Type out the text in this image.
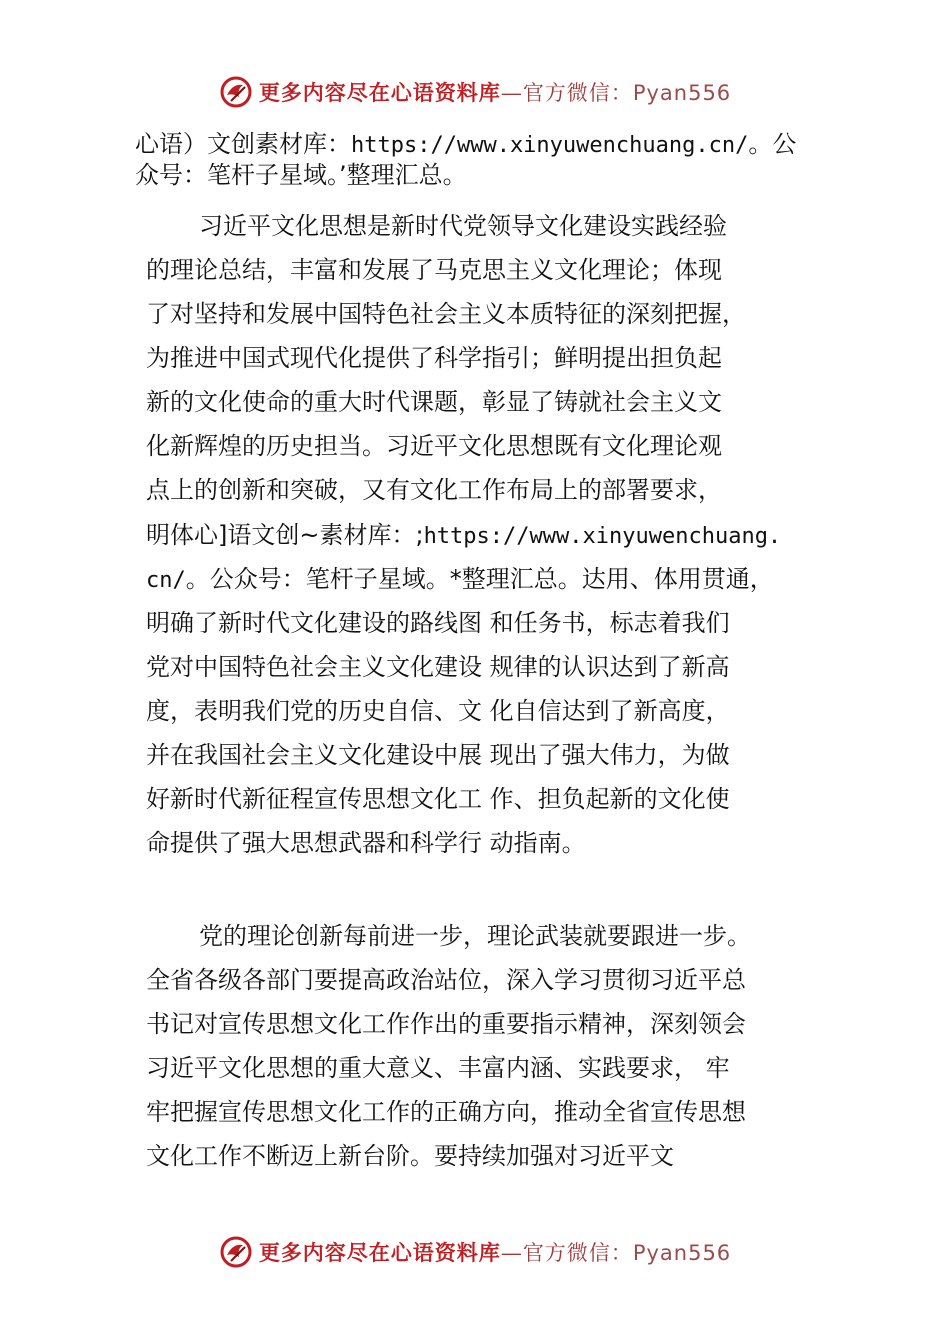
更多内容尽在心语资料库—官方微信：Pyan556
心语）文创素材库：https://www.xinyuwenchuang.cn/。公
众号：笔杆子星域。’整理汇总。
习近平文化思想是新时代党领导文化建设实践经验
的理论总结，丰富和发展了马克思主义文化理论；体现
了对坚持和发展中国特色社会主义本质特征的深刻把握，
为推进中国式现代化提供了科学指引；鲜明提出担负起
新的文化使命的重大时代课题，彰显了铸就社会主义文
化新辉煌的历史担当。习近平文化思想既有文化理论观
点上的创新和突破，又有文化工作布局上的部署要求，
明体心]语文创~素材库：;https://www.xinyuwenchuang.
cn/。公众号：笔杆子星域。*整理汇总。达用、体用贯通，
明确了新时代文化建设的路线图 和任务书，标志着我们
党对中国特色社会主义文化建设 规律的认识达到了新高
度，表明我们党的历史自信、文 化自信达到了新高度，
并在我国社会主义文化建设中展 现出了强大伟力，为做
好新时代新征程宣传思想文化工 作、担负起新的文化使
命提供了强大思想武器和科学行 动指南。
党的理论创新每前进一步，理论武装就要跟进一步。
全省各级各部门要提高政治站位，深入学习贯彻习近平总
书记对宣传思想文化工作作出的重要指示精神，深刻领会
习近平文化思想的重大意义、丰富内涵、实践要求， 牢
牢把握宣传思想文化工作的正确方向，推动全省宣传思想
文化工作不断迈上新台阶。要持续加强对习近平文
更多内容尽在心语资料库—官方微信：Pyan556
